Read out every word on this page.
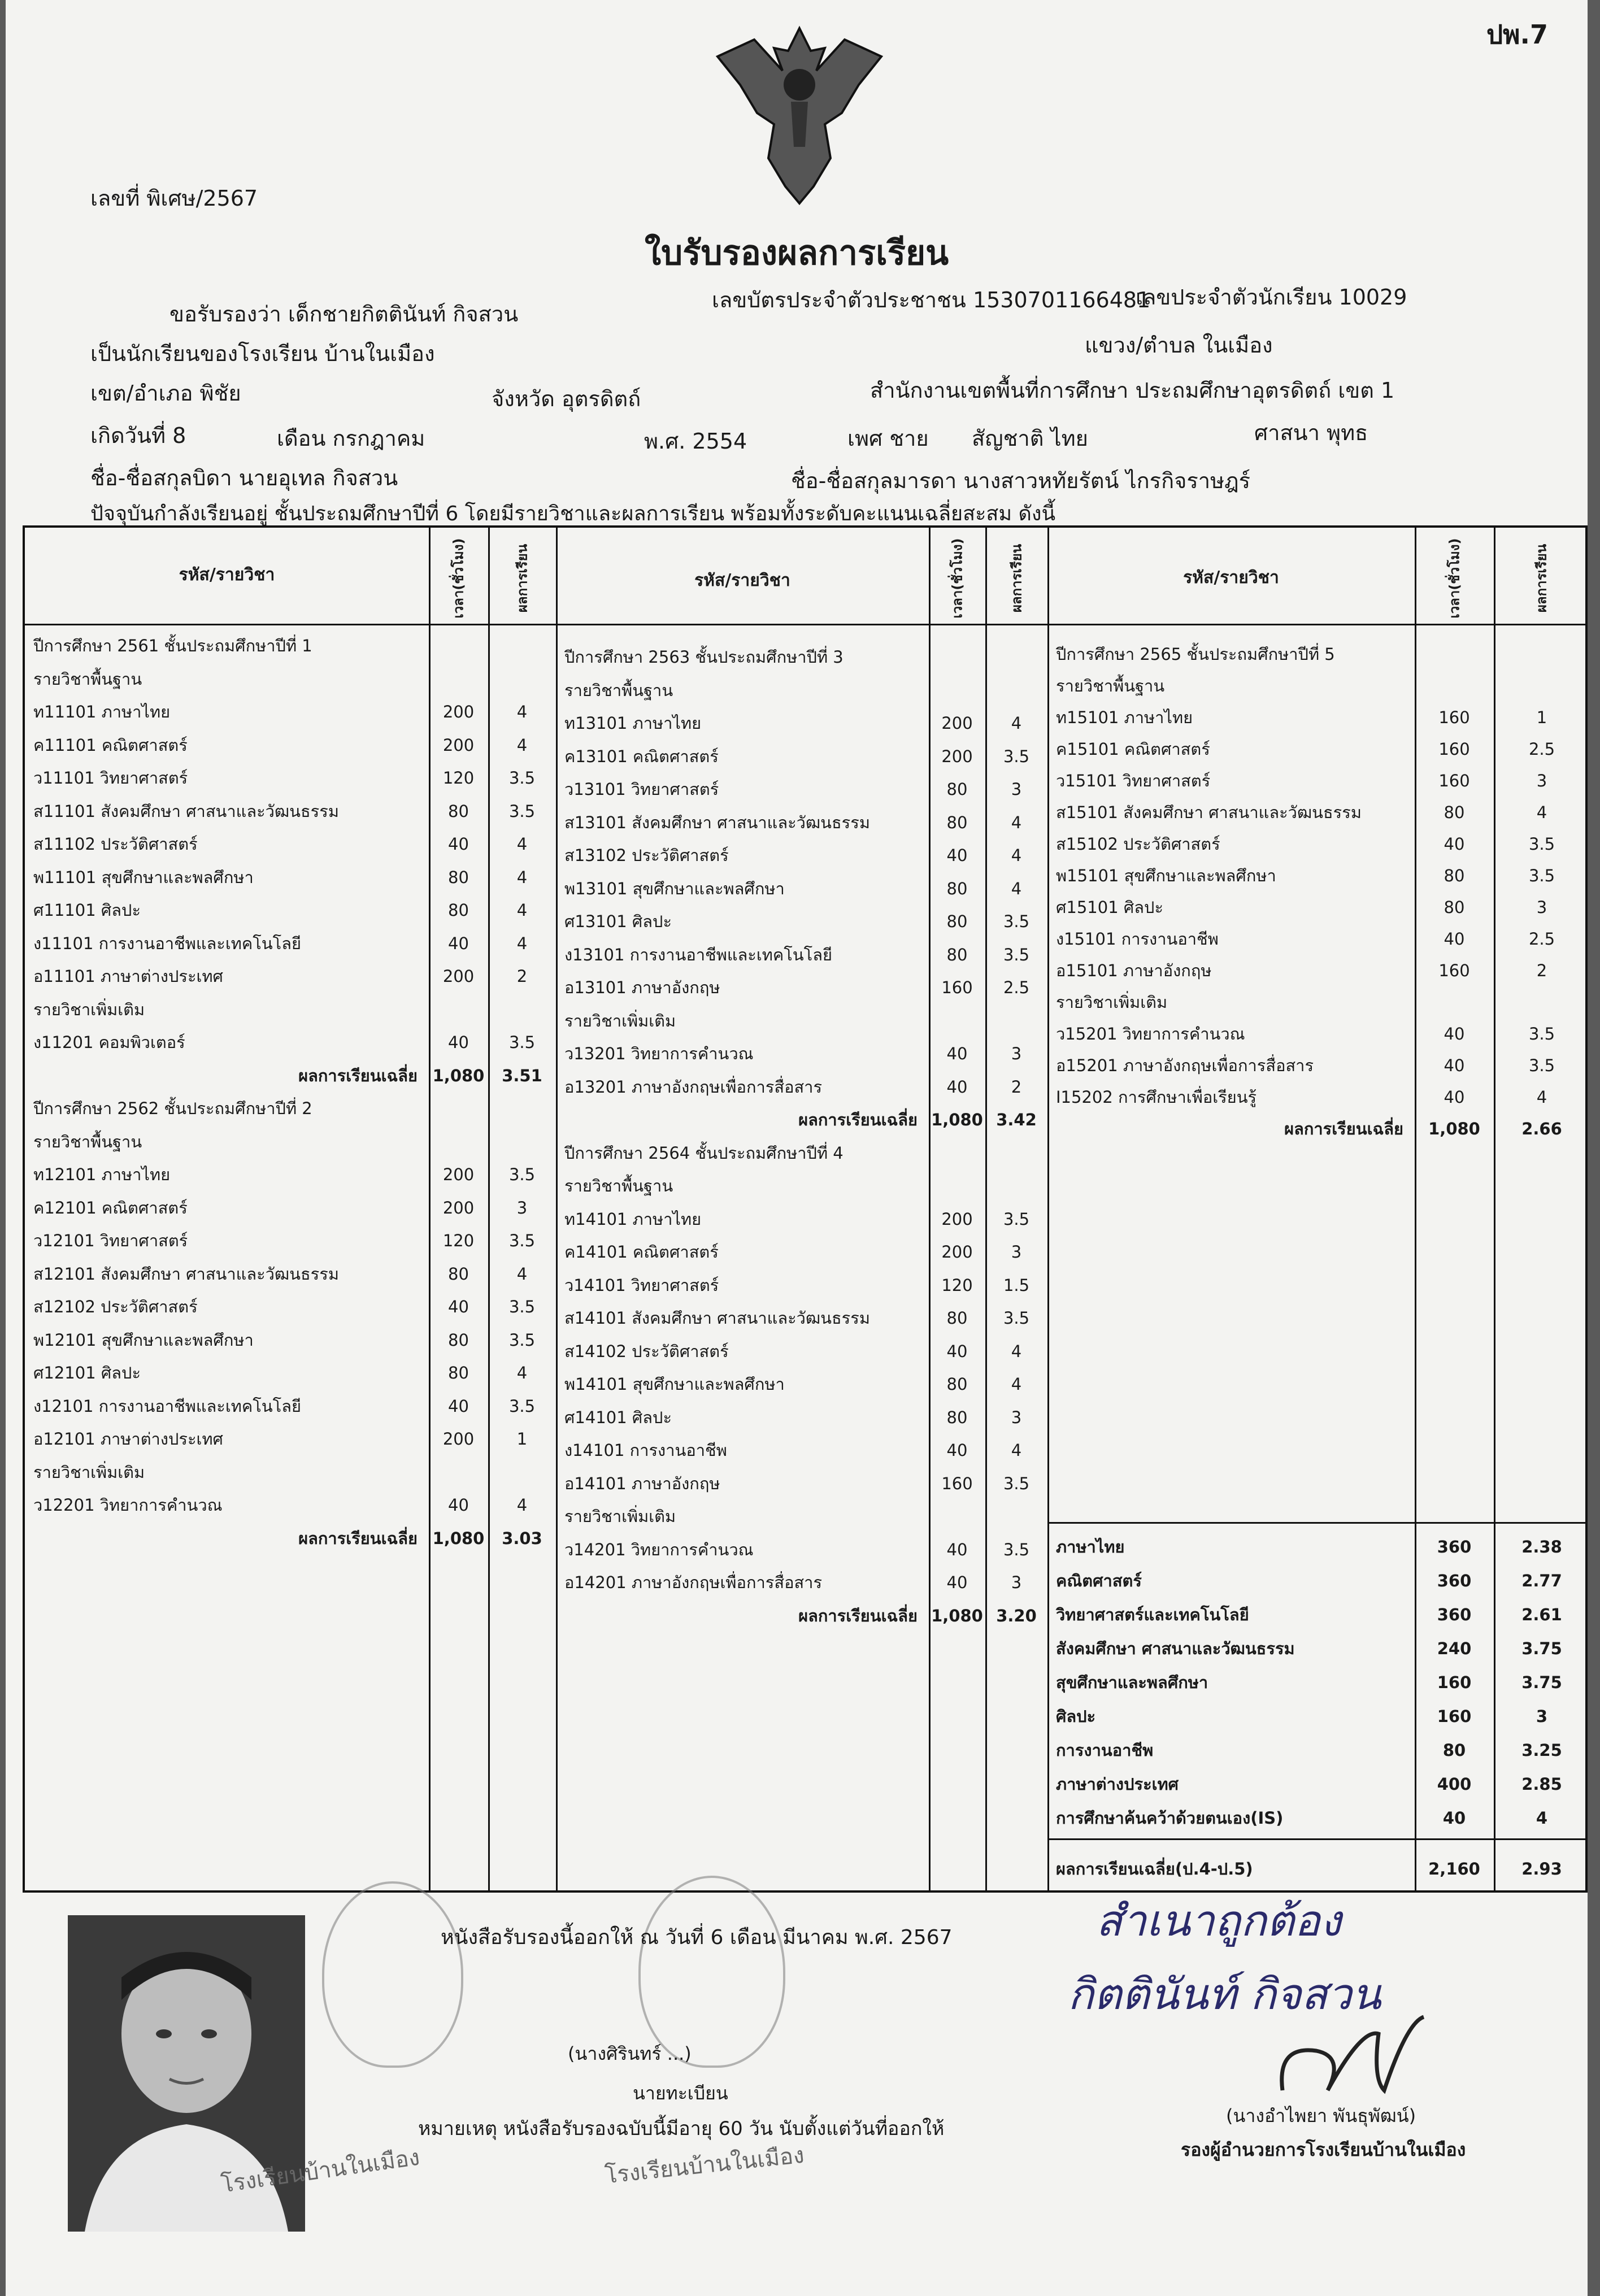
ปพ.7
เลขที่ พิเศษ/2567
ใบรับรองผลการเรียน
ขอรับรองว่า เด็กชายกิตตินันท์ กิจสวน
เลขบัตรประจำตัวประชาชน 1530701166481
เลขประจำตัวนักเรียน 10029
เป็นนักเรียนของโรงเรียน บ้านในเมือง	แขวง/ตำบล ในเมือง
เขต/อำเภอ พิชัย	จังหวัด อุตรดิตถ์	สำนักงานเขตพื้นที่การศึกษา ประถมศึกษาอุตรดิตถ์ เขต 1
เกิดวันที่ 8	เดือน กรกฎาคม	พ.ศ. 2554	เพศ ชาย สัญชาติ ไทย	ศาสนา พุทธ
ชื่อ-ชื่อสกุลบิดา นายอุเทล กิจสวน	ชื่อ-ชื่อสกุลมารดา นางสาวหทัยรัตน์ ไกรกิจราษฎร์
ปัจจุบันกำลังเรียนอยู่ ชั้นประถมศึกษาปีที่ 6 โดยมีรายวิชาและผลการเรียน พร้อมทั้งระดับคะแนนเฉลี่ยสะสม ดังนี้
รหัส/รายวิชา	รหัส/รายวิชา	รหัส/รายวิชา
เวลา(ชั่วโมง)	ผลการเรียน	เวลา(ชั่วโมง)	ผลการเรียน	เวลา(ชั่วโมง)	ผลการเรียน
ปีการศึกษา 2561 ชั้นประถมศึกษาปีที่ 1
รายวิชาพื้นฐาน
ท11101 ภาษาไทย	200	4
ค11101 คณิตศาสตร์	200	4
ว11101 วิทยาศาสตร์	120	3.5
ส11101 สังคมศึกษา ศาสนาและวัฒนธรรม	80	3.5
ส11102 ประวัติศาสตร์	40	4
พ11101 สุขศึกษาและพลศึกษา	80	4
ศ11101 ศิลปะ	80	4
ง11101 การงานอาชีพและเทคโนโลยี	40	4
อ11101 ภาษาต่างประเทศ	200	2
รายวิชาเพิ่มเติม
ง11201 คอมพิวเตอร์	40	3.5
ผลการเรียนเฉลี่ย 1,080	3.51
ปีการศึกษา 2562 ชั้นประถมศึกษาปีที่ 2
รายวิชาพื้นฐาน
ท12101 ภาษาไทย	200	3.5
ค12101 คณิตศาสตร์	200	3
ว12101 วิทยาศาสตร์	120	3.5
ส12101 สังคมศึกษา ศาสนาและวัฒนธรรม	80	4
ส12102 ประวัติศาสตร์	40	3.5
พ12101 สุขศึกษาและพลศึกษา	80	3.5
ศ12101 ศิลปะ	80	4
ง12101 การงานอาชีพและเทคโนโลยี	40	3.5
อ12101 ภาษาต่างประเทศ	200	1
รายวิชาเพิ่มเติม
ว12201 วิทยาการคำนวณ	40	4
ผลการเรียนเฉลี่ย 1,080	3.03
ปีการศึกษา 2563 ชั้นประถมศึกษาปีที่ 3
รายวิชาพื้นฐาน
ท13101 ภาษาไทย	200	4
ค13101 คณิตศาสตร์	200	3.5
ว13101 วิทยาศาสตร์	80	3
ส13101 สังคมศึกษา ศาสนาและวัฒนธรรม	80	4
ส13102 ประวัติศาสตร์	40	4
พ13101 สุขศึกษาและพลศึกษา	80	4
ศ13101 ศิลปะ	80	3.5
ง13101 การงานอาชีพและเทคโนโลยี	80	3.5
อ13101 ภาษาอังกฤษ	160	2.5
รายวิชาเพิ่มเติม
ว13201 วิทยาการคำนวณ	40	3
อ13201 ภาษาอังกฤษเพื่อการสื่อสาร	40	2
ผลการเรียนเฉลี่ย 1,080 3.42
ปีการศึกษา 2564 ชั้นประถมศึกษาปีที่ 4
รายวิชาพื้นฐาน
ท14101 ภาษาไทย	200	3.5
ค14101 คณิตศาสตร์	200	3
ว14101 วิทยาศาสตร์	120	1.5
ส14101 สังคมศึกษา ศาสนาและวัฒนธรรม	80	3.5
ส14102 ประวัติศาสตร์	40	4
พ14101 สุขศึกษาและพลศึกษา	80	4
ศ14101 ศิลปะ	80	3
ง14101 การงานอาชีพ	40	4
อ14101 ภาษาอังกฤษ	160	3.5
รายวิชาเพิ่มเติม
ว14201 วิทยาการคำนวณ	40	3.5
อ14201 ภาษาอังกฤษเพื่อการสื่อสาร	40	3
ผลการเรียนเฉลี่ย 1,080 3.20
ปีการศึกษา 2565 ชั้นประถมศึกษาปีที่ 5
รายวิชาพื้นฐาน
ท15101 ภาษาไทย	160	1
ค15101 คณิตศาสตร์	160	2.5
ว15101 วิทยาศาสตร์	160	3
ส15101 สังคมศึกษา ศาสนาและวัฒนธรรม	80	4
ส15102 ประวัติศาสตร์	40	3.5
พ15101 สุขศึกษาและพลศึกษา	80	3.5
ศ15101 ศิลปะ	80	3
ง15101 การงานอาชีพ	40	2.5
อ15101 ภาษาอังกฤษ	160	2
รายวิชาเพิ่มเติม
ว15201 วิทยาการคำนวณ	40	3.5
อ15201 ภาษาอังกฤษเพื่อการสื่อสาร	40	3.5
I15202 การศึกษาเพื่อเรียนรู้	40	4
ผลการเรียนเฉลี่ย	1,080	2.66
ภาษาไทย	360	2.38
คณิตศาสตร์	360	2.77
วิทยาศาสตร์และเทคโนโลยี	360	2.61
สังคมศึกษา ศาสนาและวัฒนธรรม	240	3.75
สุขศึกษาและพลศึกษา	160	3.75
ศิลปะ	160	3
การงานอาชีพ	80	3.25
ภาษาต่างประเทศ	400	2.85
การศึกษาค้นคว้าด้วยตนเอง(IS)	40	4
ผลการเรียนเฉลี่ย(ป.4-ป.5)	2,160	2.93
หนังสือรับรองนี้ออกให้ ณ วันที่ 6 เดือน มีนาคม พ.ศ. 2567
(นางศิรินทร์ ...)
นายทะเบียน
หมายเหตุ หนังสือรับรองฉบับนี้มีอายุ 60 วัน นับตั้งแต่วันที่ออกให้
โรงเรียนบ้านในเมือง	โรงเรียนบ้านในเมือง
สำเนาถูกต้อง
กิตตินันท์ กิจสวน
(นางอำไพยา พันธุพัฒน์)
รองผู้อำนวยการโรงเรียนบ้านในเมือง
